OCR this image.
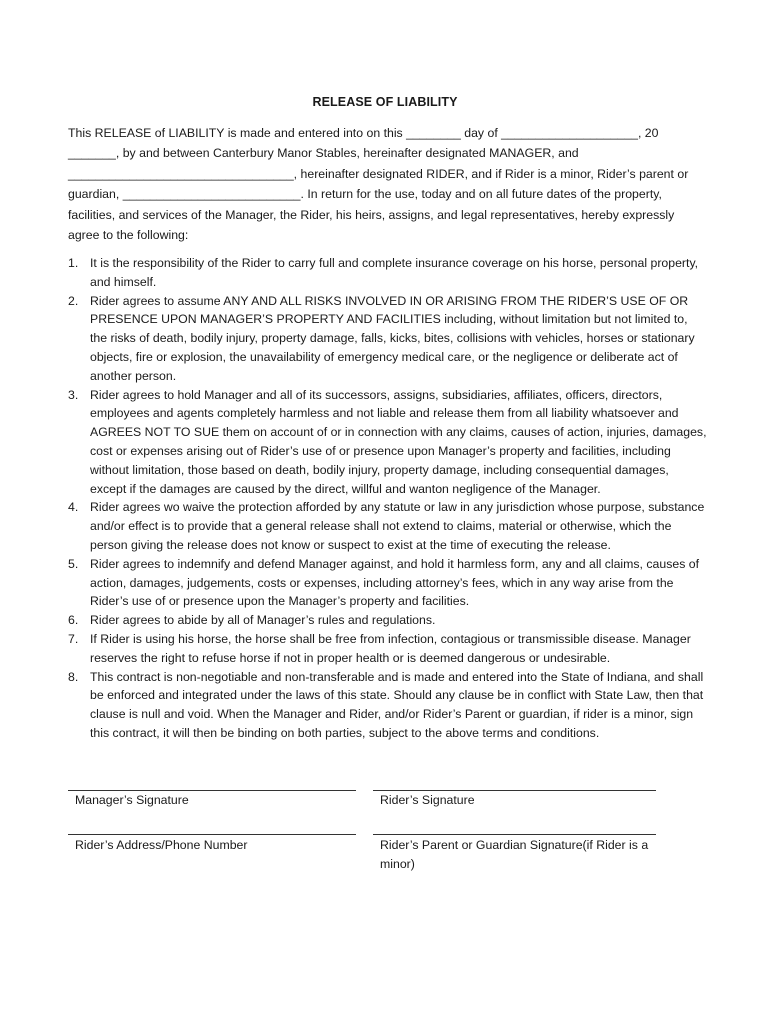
RELEASE OF LIABILITY

This RELEASE of LIABILITY is made and entered into on this ________ day of ____________________, 20 _______, by and between Canterbury Manor Stables, hereinafter designated MANAGER, and _________________________________, hereinafter designated RIDER, and if Rider is a minor, Rider’s parent or guardian, __________________________. In return for the use, today and on all future dates of the property, facilities, and services of the Manager, the Rider, his heirs, assigns, and legal representatives, hereby expressly agree to the following:

1. It is the responsibility of the Rider to carry full and complete insurance coverage on his horse, personal property, and himself.
2. Rider agrees to assume ANY AND ALL RISKS INVOLVED IN OR ARISING FROM THE RIDER’S USE OF OR PRESENCE UPON MANAGER’S PROPERTY AND FACILITIES including, without limitation but not limited to, the risks of death, bodily injury, property damage, falls, kicks, bites, collisions with vehicles, horses or stationary objects, fire or explosion, the unavailability of emergency medical care, or the negligence or deliberate act of another person.
3. Rider agrees to hold Manager and all of its successors, assigns, subsidiaries, affiliates, officers, directors, employees and agents completely harmless and not liable and release them from all liability whatsoever and AGREES NOT TO SUE them on account of or in connection with any claims, causes of action, injuries, damages, cost or expenses arising out of Rider’s use of or presence upon Manager’s property and facilities, including without limitation, those based on death, bodily injury, property damage, including consequential damages, except if the damages are caused by the direct, willful and wanton negligence of the Manager.
4. Rider agrees wo waive the protection afforded by any statute or law in any jurisdiction whose purpose, substance and/or effect is to provide that a general release shall not extend to claims, material or otherwise, which the person giving the release does not know or suspect to exist at the time of executing the release.
5. Rider agrees to indemnify and defend Manager against, and hold it harmless form, any and all claims, causes of action, damages, judgements, costs or expenses, including attorney’s fees, which in any way arise from the Rider’s use of or presence upon the Manager’s property and facilities.
6. Rider agrees to abide by all of Manager’s rules and regulations.
7. If Rider is using his horse, the horse shall be free from infection, contagious or transmissible disease. Manager reserves the right to refuse horse if not in proper health or is deemed dangerous or undesirable.
8. This contract is non-negotiable and non-transferable and is made and entered into the State of Indiana, and shall be enforced and integrated under the laws of this state. Should any clause be in conflict with State Law, then that clause is null and void. When the Manager and Rider, and/or Rider’s Parent or guardian, if rider is a minor, sign this contract, it will then be binding on both parties, subject to the above terms and conditions.
Manager’s Signature	Rider’s Signature
Rider’s Address/Phone Number	Rider’s Parent or Guardian Signature(if Rider is a minor)
